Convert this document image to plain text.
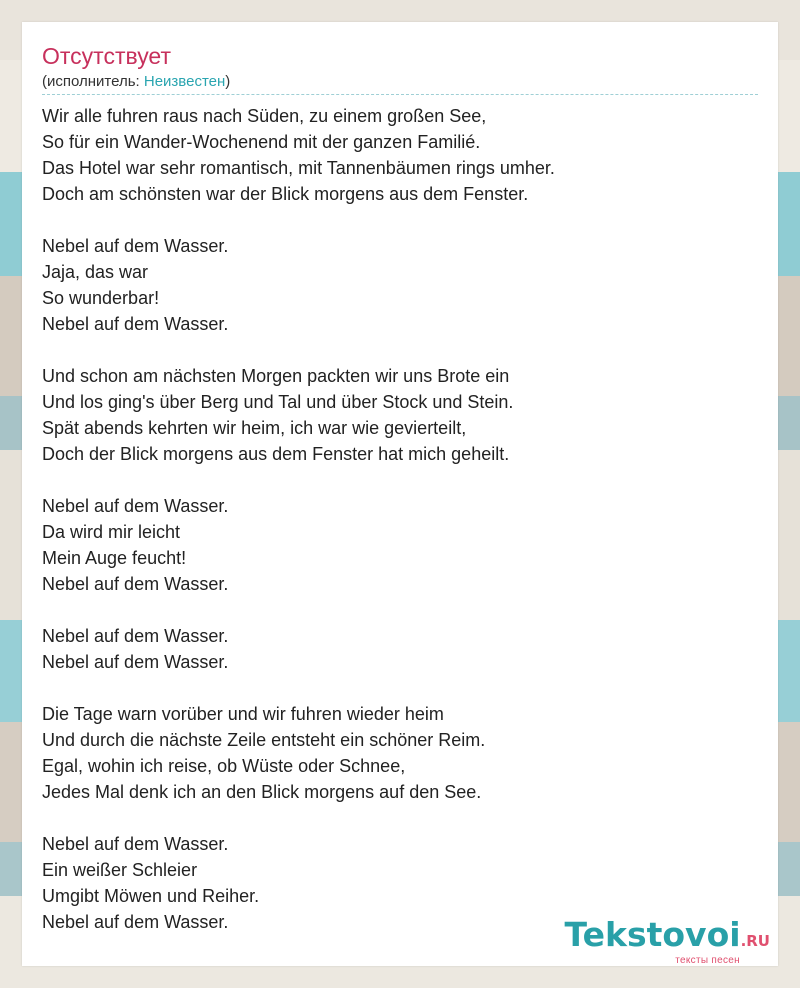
Отсутствует
(исполнитель: Неизвестен)
Wir alle fuhren raus nach Süden, zu einem großen See,
So für ein Wander-Wochenend mit der ganzen Familié.
Das Hotel war sehr romantisch, mit Tannenbäumen rings umher.
Doch am schönsten war der Blick morgens aus dem Fenster.
Nebel auf dem Wasser.
Jaja, das war
So wunderbar!
Nebel auf dem Wasser.
Und schon am nächsten Morgen packten wir uns Brote ein
Und los ging's über Berg und Tal und über Stock und Stein.
Spät abends kehrten wir heim, ich war wie gevierteilt,
Doch der Blick morgens aus dem Fenster hat mich geheilt.
Nebel auf dem Wasser.
Da wird mir leicht
Mein Auge feucht!
Nebel auf dem Wasser.
Nebel auf dem Wasser.
Nebel auf dem Wasser.
Die Tage warn vorüber und wir fuhren wieder heim
Und durch die nächste Zeile entsteht ein schöner Reim.
Egal, wohin ich reise, ob Wüste oder Schnee,
Jedes Mal denk ich an den Blick morgens auf den See.
Nebel auf dem Wasser.
Ein weißer Schleier
Umgibt Möwen und Reiher.
Nebel auf dem Wasser.	Tekstovoi.RU
тексты песен
